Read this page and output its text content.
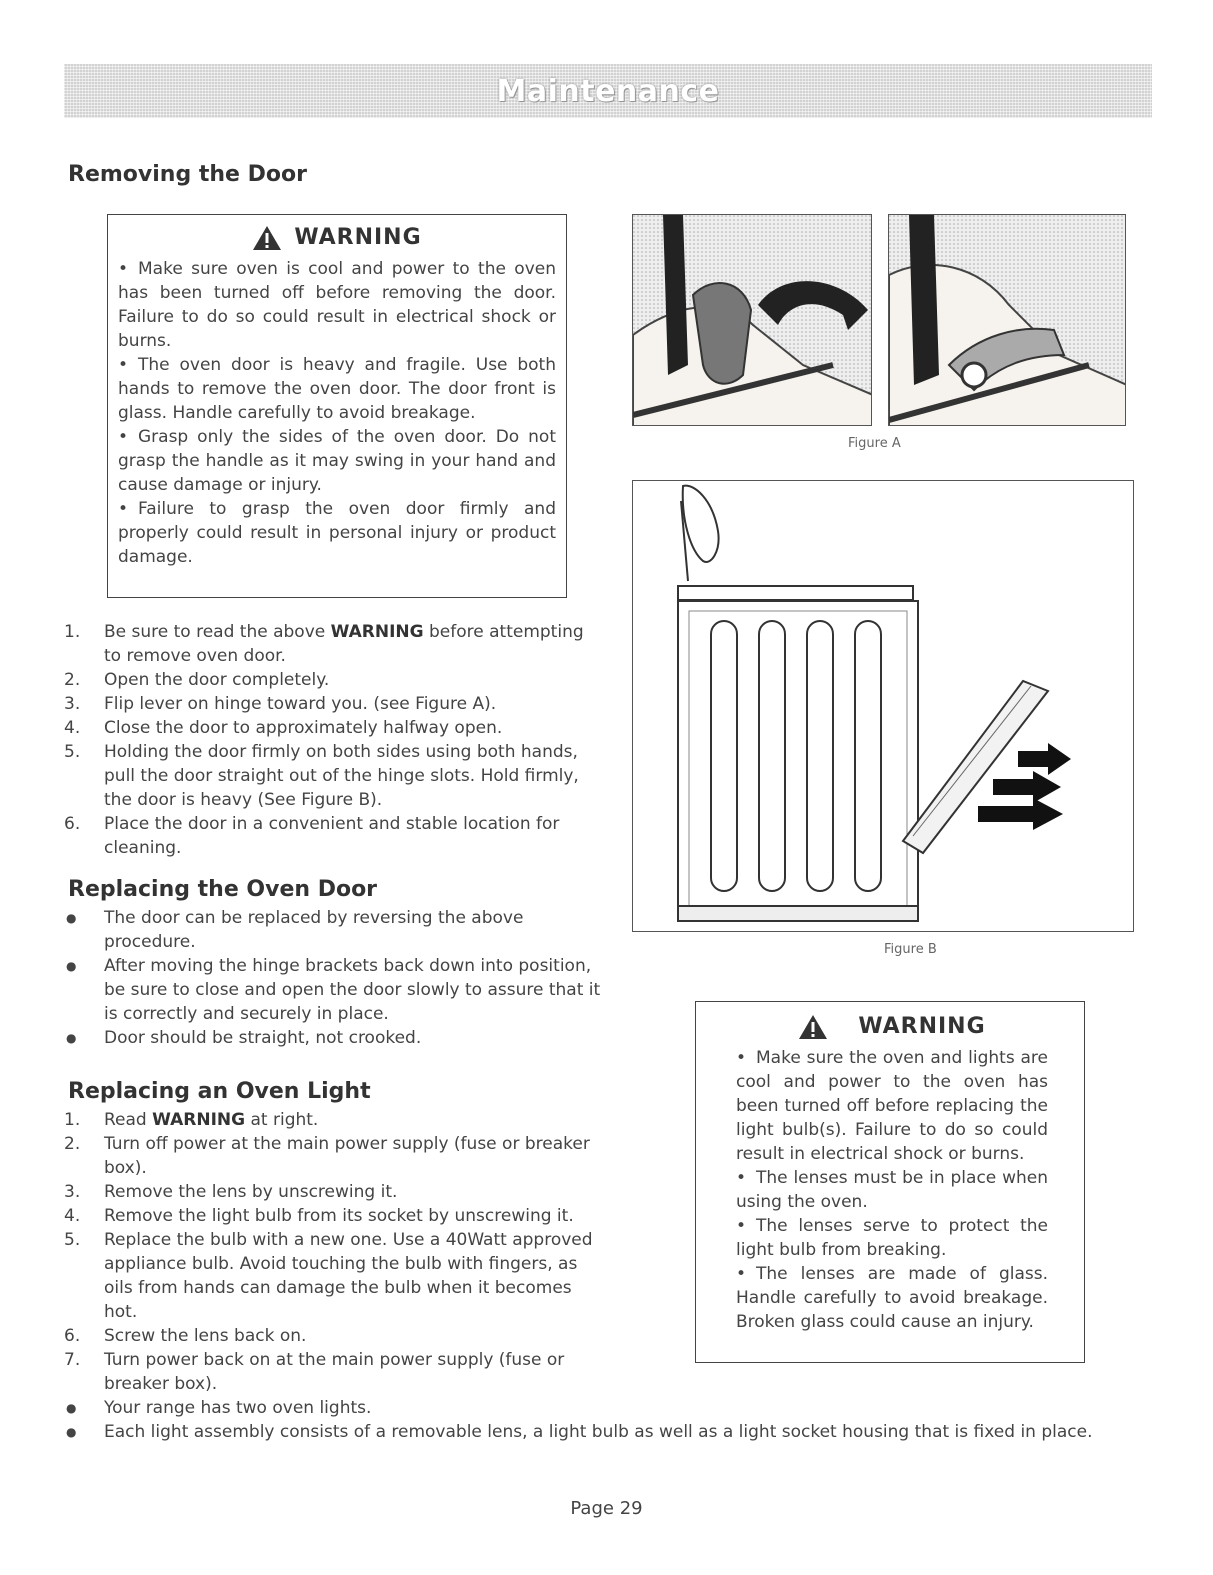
Maintenance
Removing the Door
WARNING

• Make sure oven is cool and power to the oven has been turned off before removing the door. Failure to do so could result in electrical shock or burns.

• The oven door is heavy and fragile. Use both hands to remove the oven door. The door front is glass. Handle carefully to avoid breakage.

• Grasp only the sides of the oven door. Do not grasp the handle as it may swing in your hand and cause damage or injury.

• Failure to grasp the oven door firmly and properly could result in personal injury or product damage.

1.	Be sure to read the above WARNING before attempting to remove oven door.
2.	Open the door completely.
3.	Flip lever on hinge toward you. (see Figure A).
4.	Close the door to approximately halfway open.
5.	Holding the door firmly on both sides using both hands, pull the door straight out of the hinge slots. Hold firmly, the door is heavy (See Figure B).
6.	Place the door in a convenient and stable location for cleaning.
Replacing the Oven Door
● The door can be replaced by reversing the above procedure.
● After moving the hinge brackets back down into position, be sure to close and open the door slowly to assure that it is correctly and securely in place.
● Door should be straight, not crooked.
Replacing an Oven Light
1.	Read WARNING at right.
2.	Turn off power at the main power supply (fuse or breaker box).
3.	Remove the lens by unscrewing it.
4.	Remove the light bulb from its socket by unscrewing it.
5.	Replace the bulb with a new one. Use a 40Watt approved appliance bulb. Avoid touching the bulb with fingers, as oils from hands can damage the bulb when it becomes hot.
6.	Screw the lens back on.
7.	Turn power back on at the main power supply (fuse or breaker box).
● Your range has two oven lights.
● Each light assembly consists of a removable lens, a light bulb as well as a light socket housing that is fixed in place.
Figure A
Figure B
WARNING

• Make sure the oven and lights are cool and power to the oven has been turned off before replacing the light bulb(s). Failure to do so could result in electrical shock or burns.

• The lenses must be in place when using the oven.

• The lenses serve to protect the light bulb from breaking.

• The lenses are made of glass. Handle carefully to avoid breakage. Broken glass could cause an injury.

Page 29
